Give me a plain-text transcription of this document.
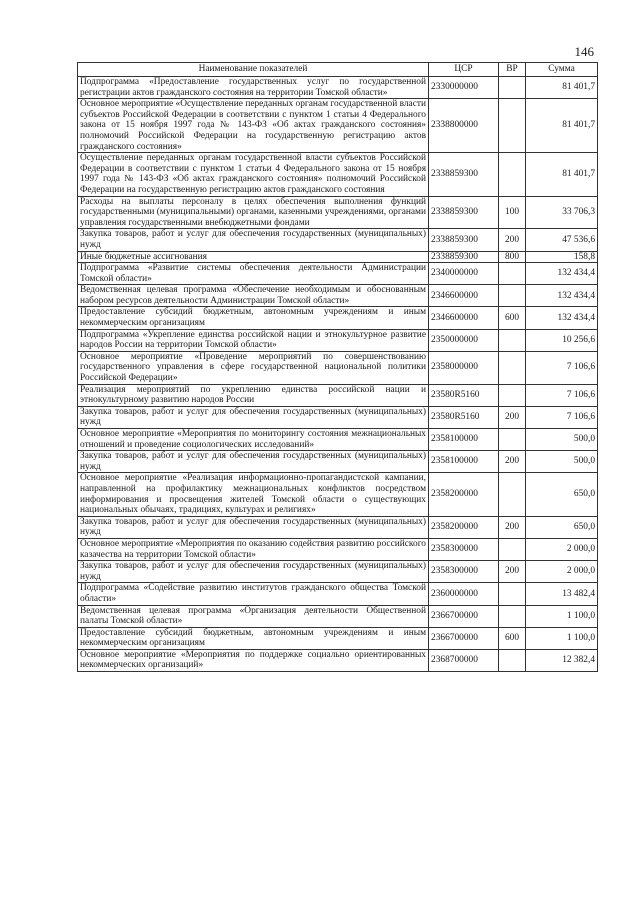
146
Наименование показателей	ЦСР	ВР	Сумма
Подпрограмма «Предоставление государственных услуг по государственной регистрации актов гражданского состояния на территории Томской области»	2330000000		81 401,7
Основное мероприятие «Осуществление переданных органам государственной власти субъектов Российской Федерации в соответствии с пунктом 1 статьи 4 Федерального закона от 15 ноября 1997 года № 143-ФЗ «Об актах гражданского состояния» полномочий Российской Федерации на государственную регистрацию актов гражданского состояния»	2338800000		81 401,7
Осуществление переданных органам государственной власти субъектов Российской Федерации в соответствии с пунктом 1 статьи 4 Федерального закона от 15 ноября 1997 года № 143-ФЗ «Об актах гражданского состояния» полномочий Российской Федерации на государственную регистрацию актов гражданского состояния	2338859300		81 401,7
Расходы на выплаты персоналу в целях обеспечения выполнения функций государственными (муниципальными) органами, казенными учреждениями, органами управления государственными внебюджетными фондами	2338859300	100	33 706,3
Закупка товаров, работ и услуг для обеспечения государственных (муниципальных) нужд	2338859300	200	47 536,6
Иные бюджетные ассигнования	2338859300	800	158,8
Подпрограмма «Развитие системы обеспечения деятельности Администрации Томской области»	2340000000		132 434,4
Ведомственная целевая программа «Обеспечение необходимым и обоснованным набором ресурсов деятельности Администрации Томской области»	2346600000		132 434,4
Предоставление субсидий бюджетным, автономным учреждениям и иным некоммерческим организациям	2346600000	600	132 434,4
Подпрограмма «Укрепление единства российской нации и этнокультурное развитие народов России на территории Томской области»	2350000000		10 256,6
Основное мероприятие «Проведение мероприятий по совершенствованию государственного управления в сфере государственной национальной политики Российской Федерации»	2358000000		7 106,6
Реализация мероприятий по укреплению единства российской нации и этнокультурному развитию народов России	23580R5160		7 106,6
Закупка товаров, работ и услуг для обеспечения государственных (муниципальных) нужд	23580R5160	200	7 106,6
Основное мероприятие «Мероприятия по мониторингу состояния межнациональных отношений и проведение социологических исследований»	2358100000		500,0
Закупка товаров, работ и услуг для обеспечения государственных (муниципальных) нужд	2358100000	200	500,0
Основное мероприятие «Реализация информационно-пропагандистской кампании, направленной на профилактику межнациональных конфликтов посредством информирования и просвещения жителей Томской области о существующих национальных обычаях, традициях, культурах и религиях»	2358200000		650,0
Закупка товаров, работ и услуг для обеспечения государственных (муниципальных) нужд	2358200000	200	650,0
Основное мероприятие «Мероприятия по оказанию содействия развитию российского казачества на территории Томской области»	2358300000		2 000,0
Закупка товаров, работ и услуг для обеспечения государственных (муниципальных) нужд	2358300000	200	2 000,0
Подпрограмма «Содействие развитию институтов гражданского общества Томской области»	2360000000		13 482,4
Ведомственная целевая программа «Организация деятельности Общественной палаты Томской области»	2366700000		1 100,0
Предоставление субсидий бюджетным, автономным учреждениям и иным некоммерческим организациям	2366700000	600	1 100,0
Основное мероприятие «Мероприятия по поддержке социально ориентированных некоммерческих организаций»	2368700000		12 382,4
